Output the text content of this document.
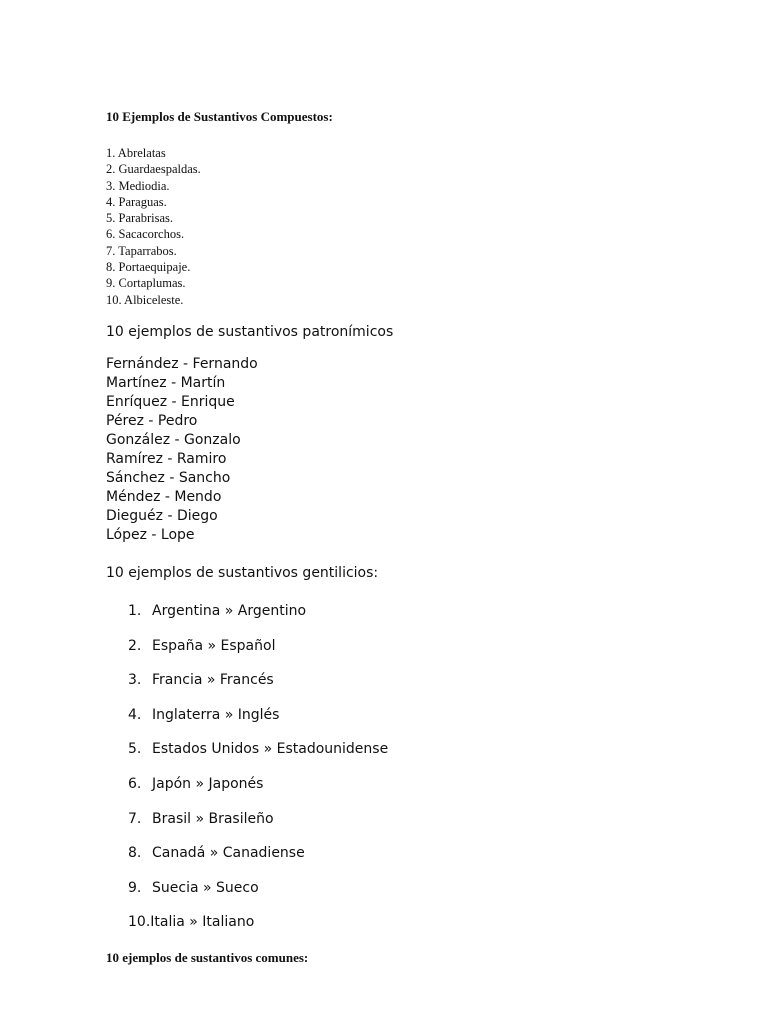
10 Ejemplos de Sustantivos Compuestos:
1. Abrelatas
2. Guardaespaldas.
3. Mediodia.
4. Paraguas.
5. Parabrisas.
6. Sacacorchos.
7. Taparrabos.
8. Portaequipaje.
9. Cortaplumas.
10. Albiceleste.
10 ejemplos de sustantivos patronímicos
Fernández - Fernando
Martínez - Martín
Enríquez - Enrique
Pérez - Pedro
González - Gonzalo
Ramírez - Ramiro
Sánchez - Sancho
Méndez - Mendo
Dieguéz - Diego
López - Lope
10 ejemplos de sustantivos gentilicios:
1. Argentina » Argentino
2. España » Español
3. Francia » Francés
4. Inglaterra » Inglés
5. Estados Unidos » Estadounidense
6. Japón » Japonés
7. Brasil » Brasileño
8. Canadá » Canadiense
9. Suecia » Sueco
10.Italia » Italiano
10 ejemplos de sustantivos comunes:
